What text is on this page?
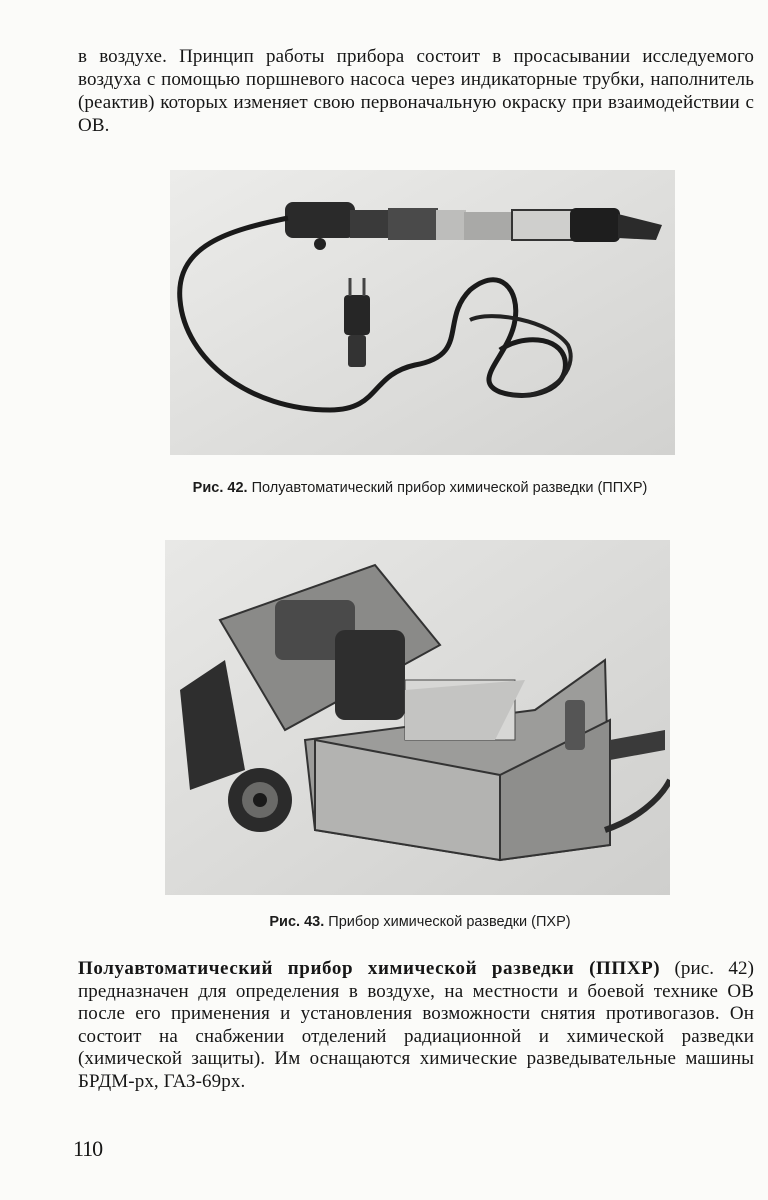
в воздухе. Принцип работы прибора состоит в просасывании исследуемого воздуха с помощью поршневого насоса через индикаторные трубки, наполнитель (реактив) которых изменяет свою первоначальную окраску при взаимодействии с ОВ.

Рис. 42. Полуавтоматический прибор химической разведки (ППХР)
Рис. 43. Прибор химической разведки (ПХР)

Полуавтоматический прибор химической разведки (ППХР) (рис. 42) предназначен для определения в воздухе, на местности и боевой технике ОВ после его применения и установления возможности снятия противогазов. Он состоит на снабжении отделений радиационной и химической разведки (химической защиты). Им оснащаются химические разведывательные машины БРДМ-рх, ГАЗ-69рх.

110
